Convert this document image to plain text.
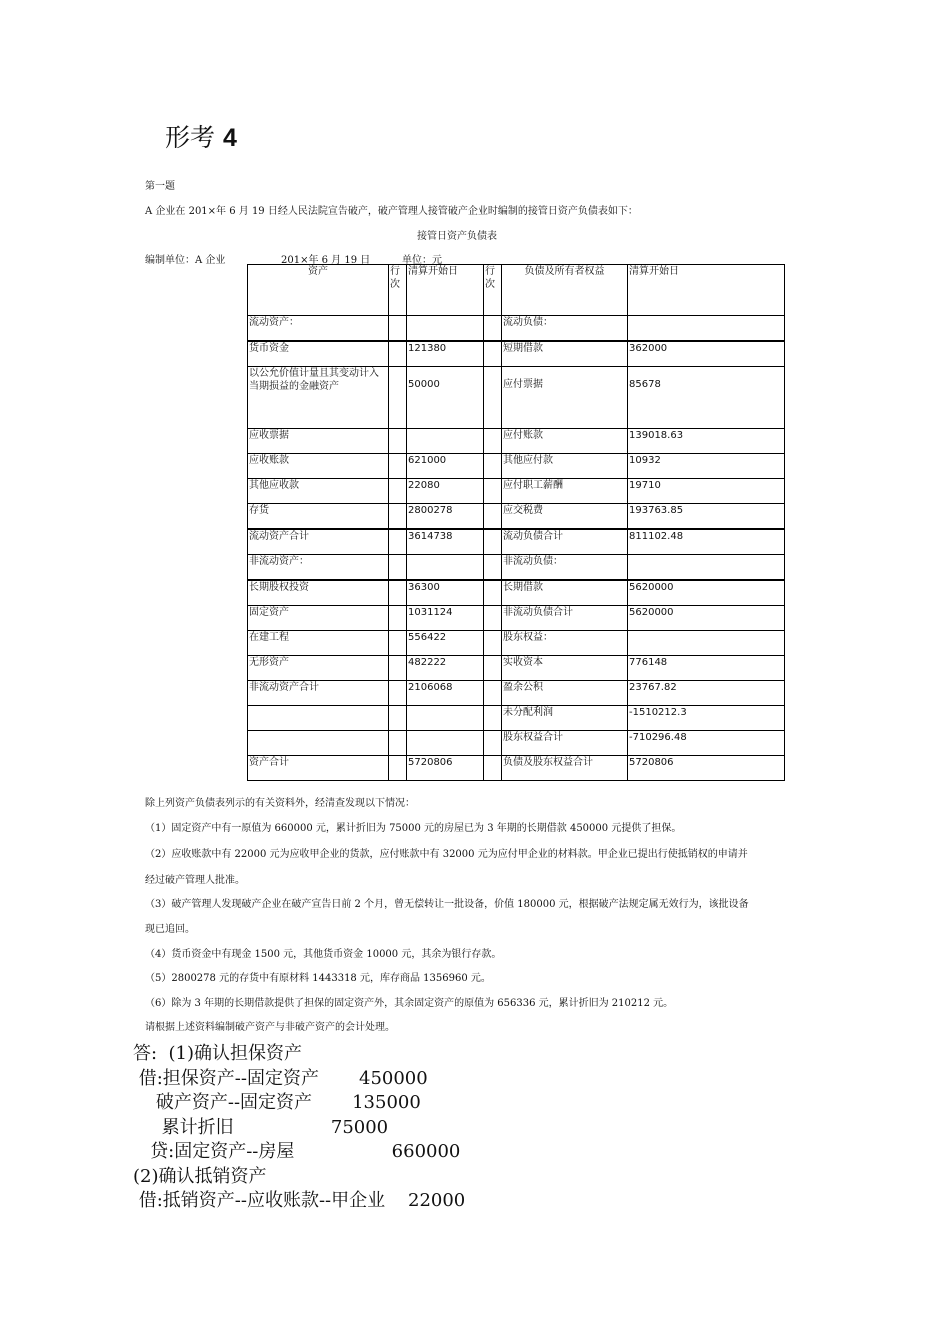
形考 4
第一题
A 企业在 201×年 6 月 19 日经人民法院宣告破产，破产管理人接管破产企业时编制的接管日资产负债表如下：
接管日资产负债表
编制单位：A 企业	201×年 6 月 19 日	单位：元
资产	行次	清算开始日	行次	负债及所有者权益	清算开始日
流动资产：				流动负债：	
货币资金		121380		短期借款	362000
以公允价值计量且其变动计入当期损益的金融资产		50000		应付票据	85678
应收票据				应付账款	139018.63
应收账款		621000		其他应付款	10932
其他应收款		22080		应付职工薪酬	19710
存货		2800278		应交税费	193763.85
流动资产合计		3614738		流动负债合计	811102.48
非流动资产：				非流动负债：	
长期股权投资		36300		长期借款	5620000
固定资产		1031124		非流动负债合计	5620000
在建工程		556422		股东权益：	
无形资产		482222		实收资本	776148
非流动资产合计		2106068		盈余公积	23767.82
				未分配利润	-1510212.3
				股东权益合计	-710296.48
资产合计		5720806		负债及股东权益合计	5720806
除上列资产负债表列示的有关资料外，经清查发现以下情况：
（1）固定资产中有一原值为 660000 元，累计折旧为 75000 元的房屋已为 3 年期的长期借款 450000 元提供了担保。
（2）应收账款中有 22000 元为应收甲企业的货款，应付账款中有 32000 元为应付甲企业的材料款。甲企业已提出行使抵销权的申请并
经过破产管理人批准。
（3）破产管理人发现破产企业在破产宣告日前 2 个月，曾无偿转让一批设备，价值 180000 元，根据破产法规定属无效行为，该批设备
现已追回。
（4）货币资金中有现金 1500 元，其他货币资金 10000 元，其余为银行存款。
（5）2800278 元的存货中有原材料 1443318 元，库存商品 1356960 元。
（6）除为 3 年期的长期借款提供了担保的固定资产外，其余固定资产的原值为 656336 元，累计折旧为 210212 元。
请根据上述资料编制破产资产与非破产资产的会计处理。
答:  (1)确认担保资产
借:担保资产--固定资产       450000
破产资产--固定资产       135000
累计折旧                 75000
贷:固定资产--房屋                 660000
(2)确认抵销资产
借:抵销资产--应收账款--甲企业    22000
